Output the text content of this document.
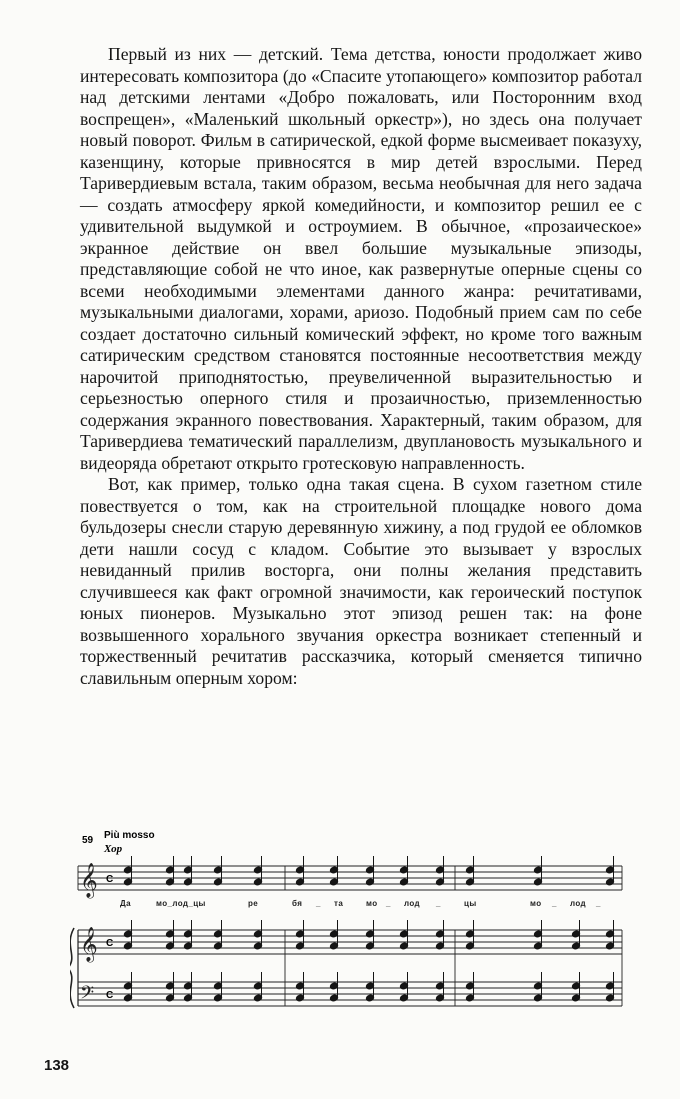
Первый из них — детский. Тема детства, юности продолжает живо интересовать композитора (до «Спасите утопающего» композитор работал над детскими лентами «Добро пожаловать, или Посторонним вход воспрещен», «Маленький школьный оркестр»), но здесь она получает новый поворот. Фильм в сатирической, едкой форме высмеивает показуху, казенщину, которые привносятся в мир детей взрослыми. Перед Таривердиевым встала, таким образом, весьма необычная для него задача — создать атмосферу яркой комедийности, и композитор решил ее с удивительной выдумкой и остроумием. В обычное, «прозаическое» экранное действие он ввел большие музыкальные эпизоды, представляющие собой не что иное, как развернутые оперные сцены со всеми необходимыми элементами данного жанра: речитативами, музыкальными диалогами, хорами, ариозо. Подобный прием сам по себе создает достаточно сильный комический эффект, но кроме того важным сатирическим средством становятся постоянные несоответствия между нарочитой приподнятостью, преувеличенной выразительностью и серьезностью оперного стиля и прозаичностью, приземленностью содержания экранного повествования. Характерный, таким образом, для Таривердиева тематический параллелизм, двуплановость музыкального и видеоряда обретают открыто гротесковую направленность.

Вот, как пример, только одна такая сцена. В сухом газетном стиле повествуется о том, как на строительной площадке нового дома бульдозеры снесли старую деревянную хижину, а под грудой ее обломков дети нашли сосуд с кладом. Событие это вызывает у взрослых невиданный прилив восторга, они полны желания представить случившееся как факт огромной значимости, как героический поступок юных пионеров. Музыкально этот эпизод решен так: на фоне возвышенного хорального звучания оркестра возникает степенный и торжественный речитатив рассказчика, который сменяется типично славильным оперным хором:

59 Più mosso
Хор
𝄞 C
Да	мо_лод_цы	ре	бя _ та	мо _ лод _	цы	мо _ лод _
𝄞
𝄢
C
C
138
